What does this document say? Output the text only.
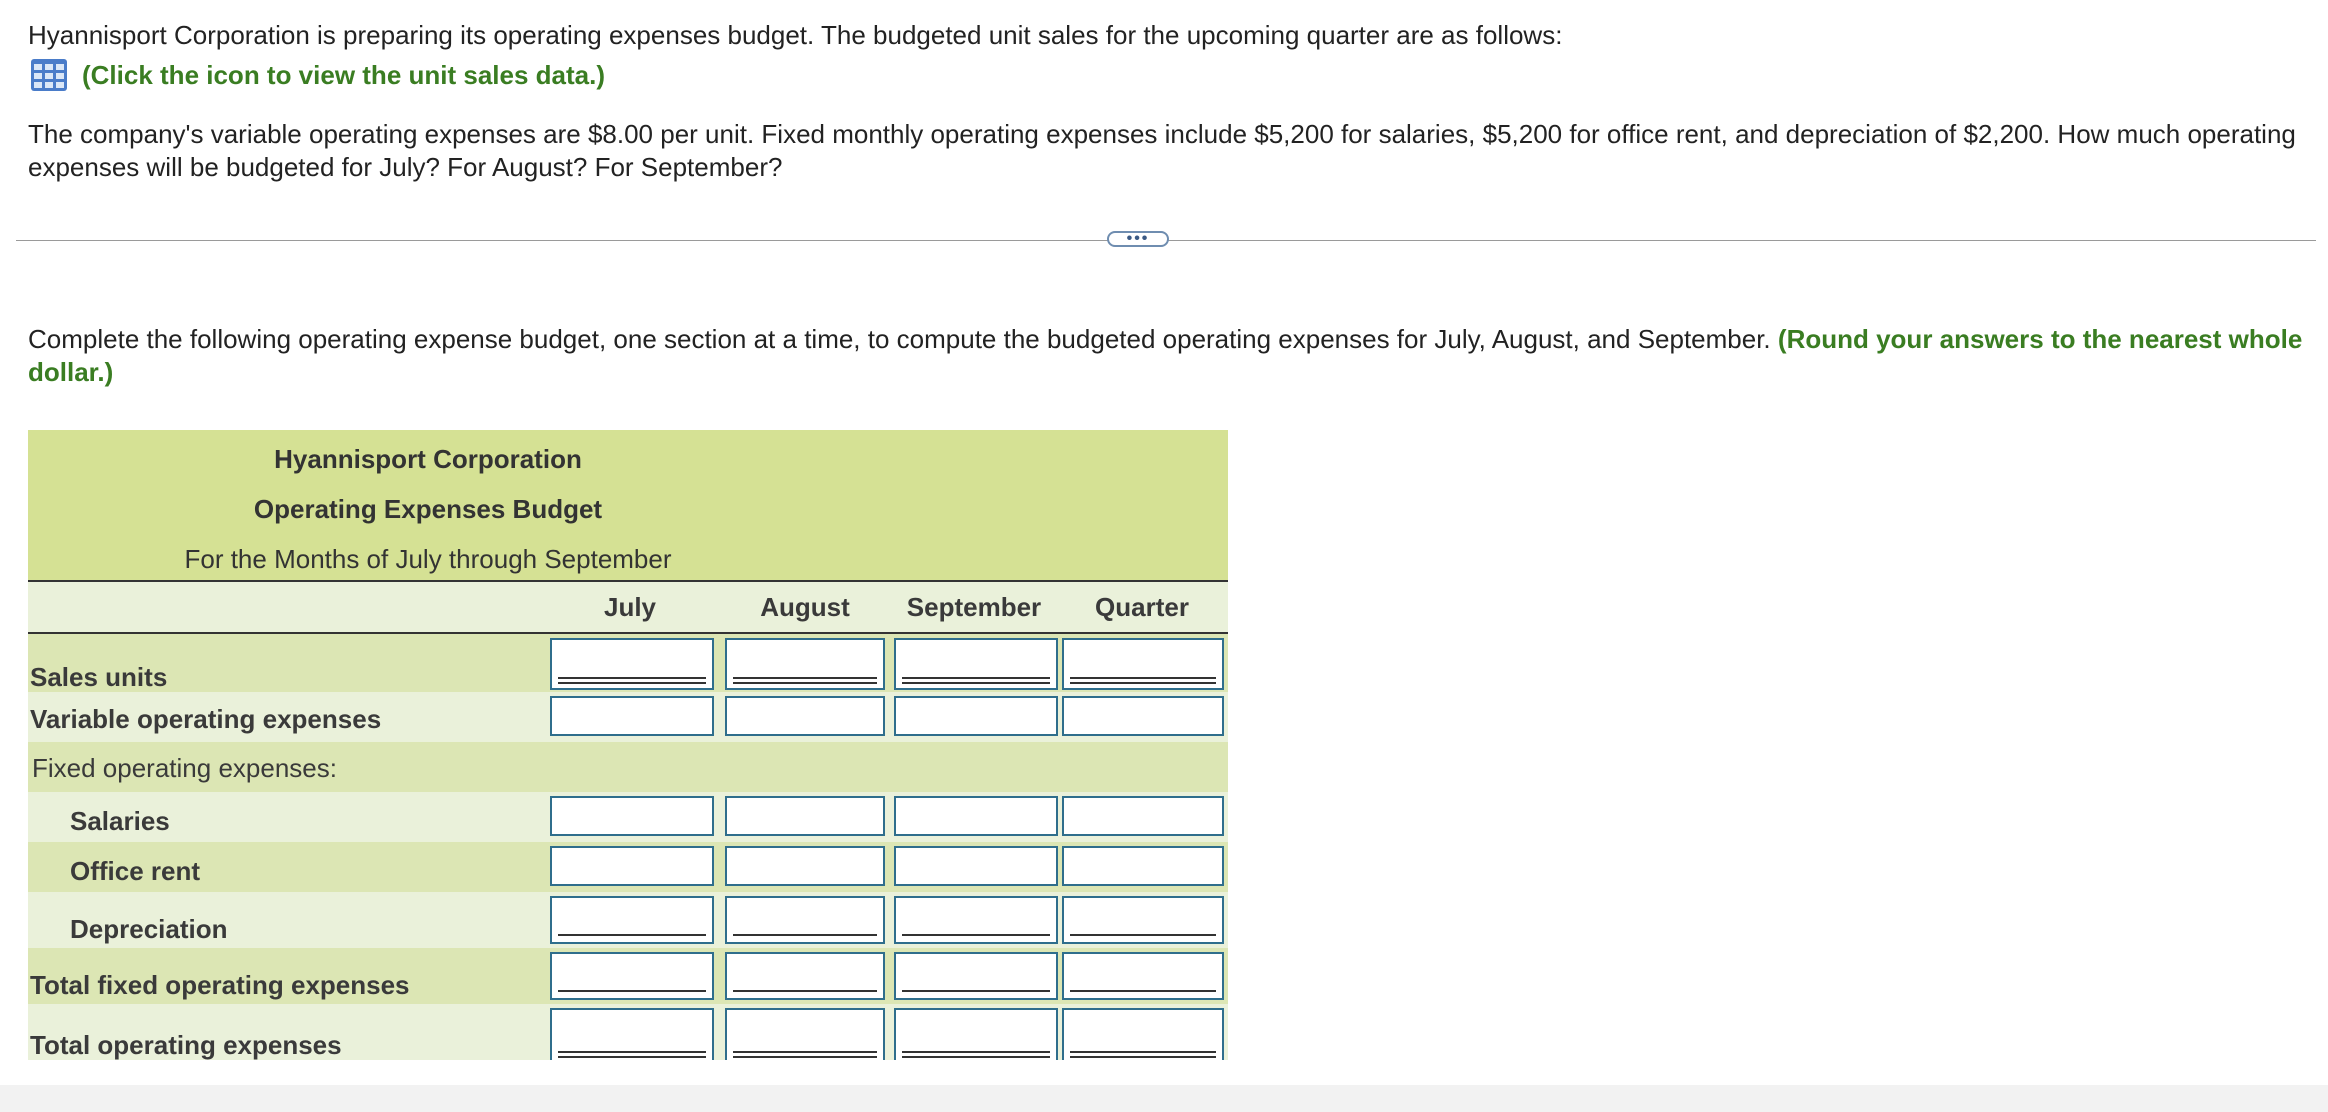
Hyannisport Corporation is preparing its operating expenses budget. The budgeted unit sales for the upcoming quarter are as follows:
(Click the icon to view the unit sales data.)
The company's variable operating expenses are $8.00 per unit. Fixed monthly operating expenses include $5,200 for salaries, $5,200 for office rent, and depreciation of $2,200. How much operating expenses will be budgeted for July? For August? For September?
•••
Complete the following operating expense budget, one section at a time, to compute the budgeted operating expenses for July, August, and September. (Round your answers to the nearest whole dollar.)
Hyannisport Corporation
Operating Expenses Budget
For the Months of July through September
July	August	September	Quarter
Sales units
Variable operating expenses
Fixed operating expenses:
Salaries
Office rent
Depreciation
Total fixed operating expenses
Total operating expenses
